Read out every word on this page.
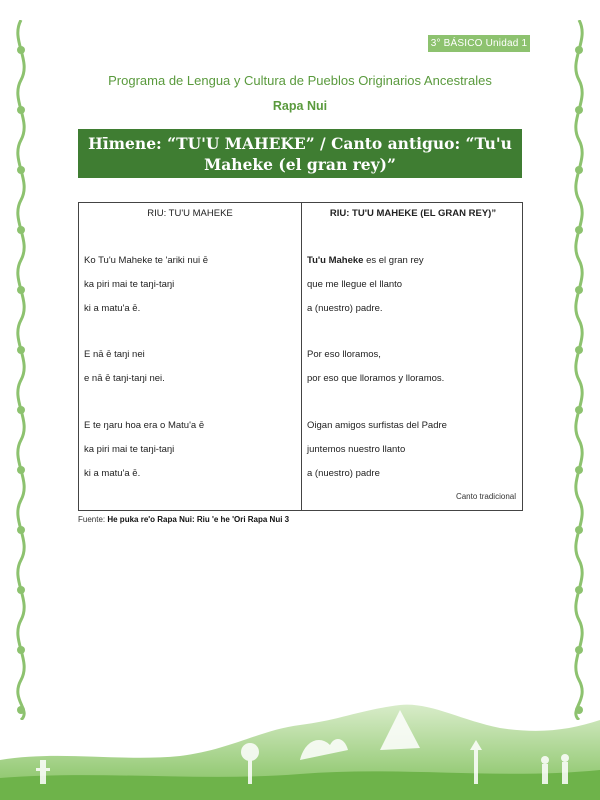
3° BÁSICO Unidad 1
Programa de Lengua y Cultura de Pueblos Originarios Ancestrales
Rapa Nui
Hīmene: “TU'U MAHEKE” / Canto antiguo: “Tu'u Maheke (el gran rey)”
RIU: TU'U MAHEKE	RIU: TU'U MAHEKE (EL GRAN REY)”
Ko Tu'u Maheke te 'ariki nui ē
ka piri mai te taŋi-taŋi
ki a matu'a ē.
E nā ē taŋi nei
e nā ē taŋi-taŋi nei.
E te ŋaru hoa era o Matu'a ē
ka piri mai te taŋi-taŋi
ki a matu'a ē.
Tu'u Maheke es el gran rey
que me llegue el llanto
a (nuestro) padre.
Por eso lloramos,
por eso que lloramos y lloramos.
Oigan amigos surfistas del Padre
juntemos nuestro llanto
a (nuestro) padre
Canto tradicional
Fuente: He puka re'o Rapa Nui: Riu 'e he 'Ori Rapa Nui 3
